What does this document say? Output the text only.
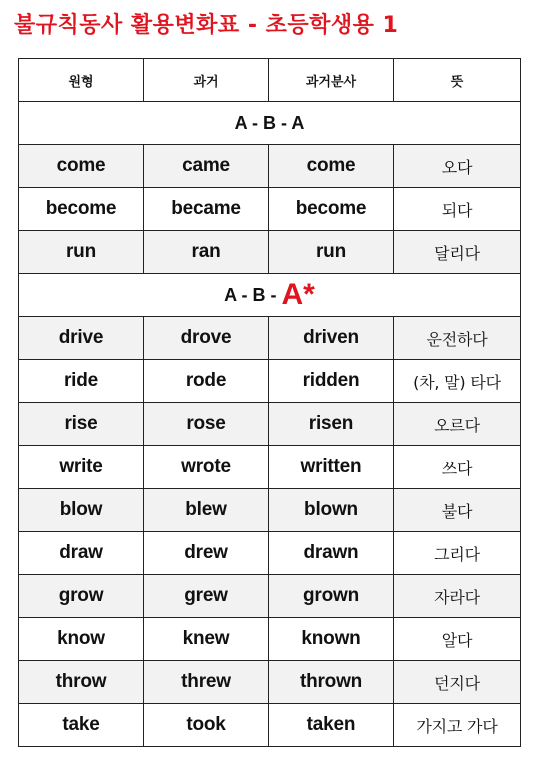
불규칙동사 활용변화표 - 초등학생용 1
원형	과거	과거분사	뜻
A - B - A			
come	came	come	오다
become	became	become	되다
run	ran	run	달리다
A - B - A*			
drive	drove	driven	운전하다
ride	rode	ridden	(차, 말) 타다
rise	rose	risen	오르다
write	wrote	written	쓰다
blow	blew	blown	불다
draw	drew	drawn	그리다
grow	grew	grown	자라다
know	knew	known	알다
throw	threw	thrown	던지다
take	took	taken	가지고 가다
